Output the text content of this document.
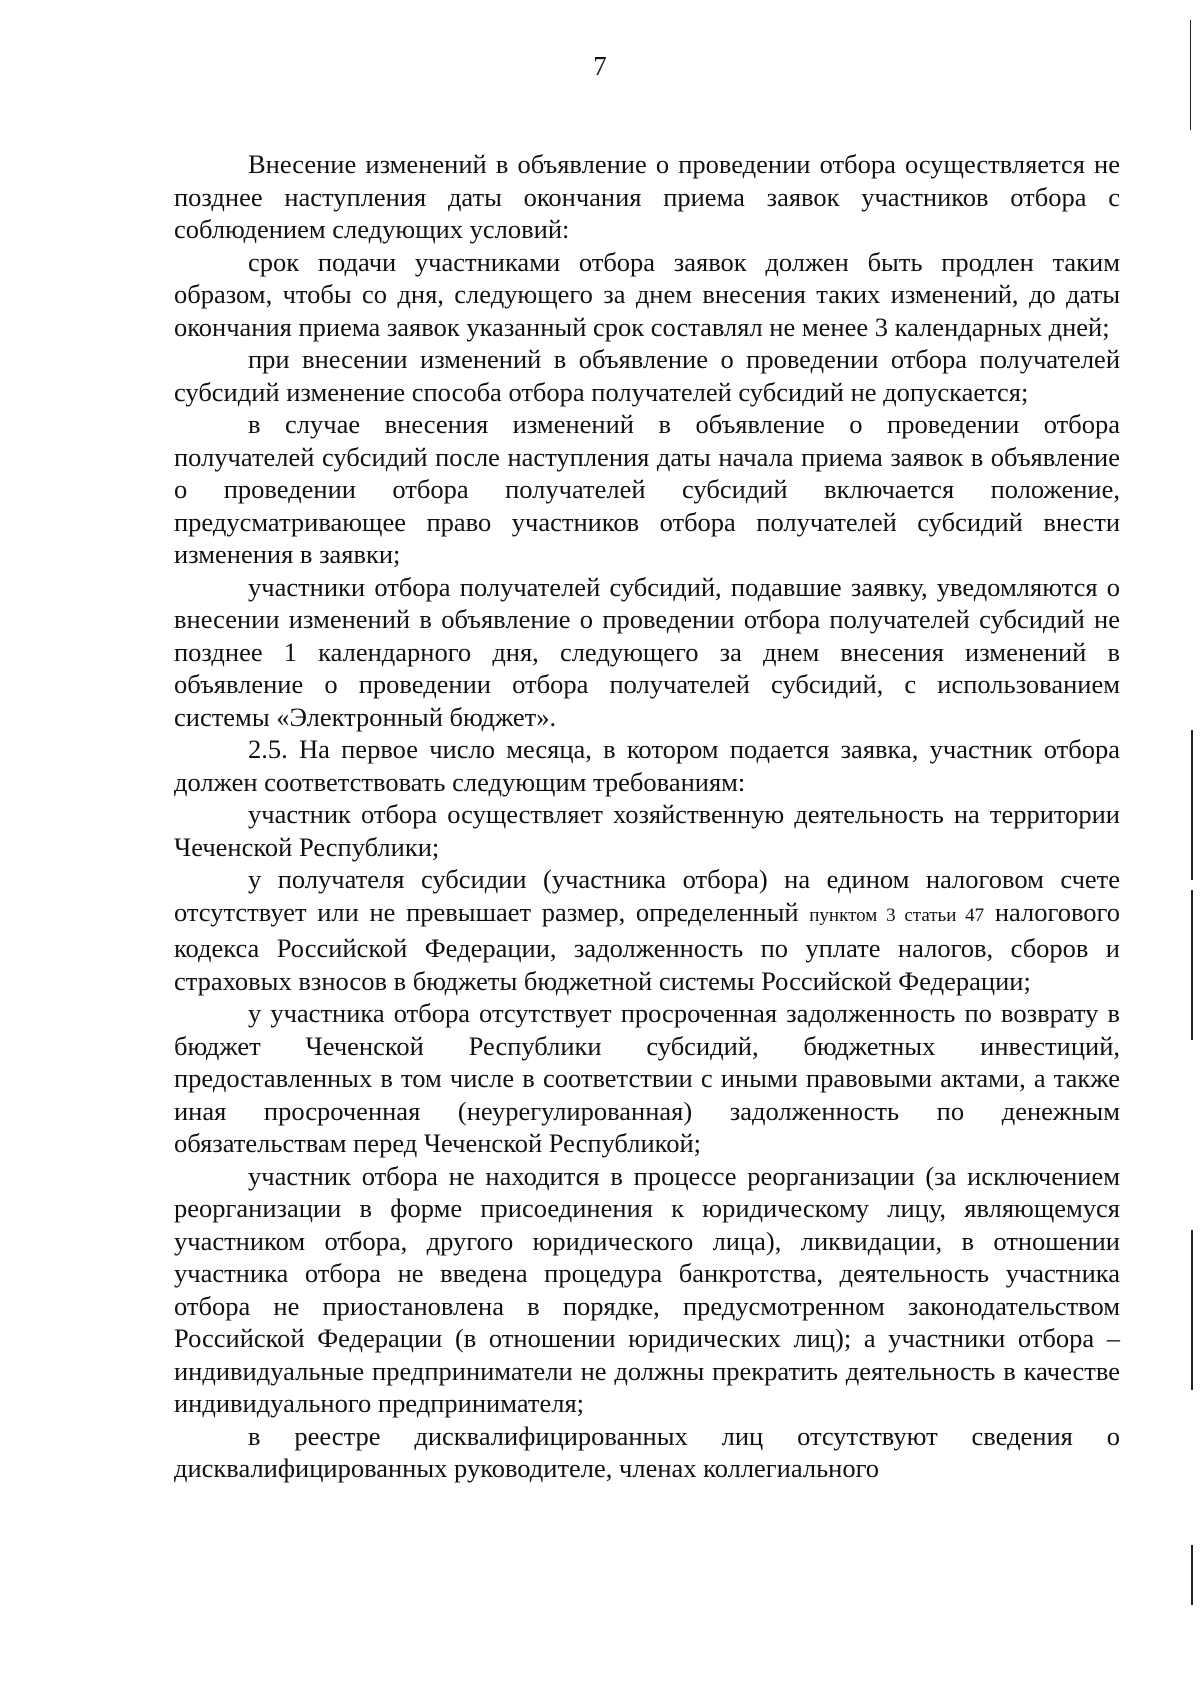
7

Внесение изменений в объявление о проведении отбора осуществляется не позднее наступления даты окончания приема заявок участников отбора с соблюдением следующих условий:

срок подачи участниками отбора заявок должен быть продлен таким образом, чтобы со дня, следующего за днем внесения таких изменений, до даты окончания приема заявок указанный срок составлял не менее 3 календарных дней;

при внесении изменений в объявление о проведении отбора получателей субсидий изменение способа отбора получателей субсидий не допускается;

в случае внесения изменений в объявление о проведении отбора получателей субсидий после наступления даты начала приема заявок в объявление о проведении отбора получателей субсидий включается положение, предусматривающее право участников отбора получателей субсидий внести изменения в заявки;

участники отбора получателей субсидий, подавшие заявку, уведомляются о внесении изменений в объявление о проведении отбора получателей субсидий не позднее 1 календарного дня, следующего за днем внесения изменений в объявление о проведении отбора получателей субсидий, с использованием системы «Электронный бюджет».

2.5. На первое число месяца, в котором подается заявка, участник отбора должен соответствовать следующим требованиям:

участник отбора осуществляет хозяйственную деятельность на территории Чеченской Республики;

у получателя субсидии (участника отбора) на едином налоговом счете отсутствует или не превышает размер, определенный пунктом 3 статьи 47 налогового кодекса Российской Федерации, задолженность по уплате налогов, сборов и страховых взносов в бюджеты бюджетной системы Российской Федерации;

у участника отбора отсутствует просроченная задолженность по возврату в бюджет Чеченской Республики субсидий, бюджетных инвестиций, предоставленных в том числе в соответствии с иными правовыми актами, а также иная просроченная (неурегулированная) задолженность по денежным обязательствам перед Чеченской Республикой;

участник отбора не находится в процессе реорганизации (за исключением реорганизации в форме присоединения к юридическому лицу, являющемуся участником отбора, другого юридического лица), ликвидации, в отношении участника отбора не введена процедура банкротства, деятельность участника отбора не приостановлена в порядке, предусмотренном законодательством Российской Федерации (в отношении юридических лиц); а участники отбора – индивидуальные предприниматели не должны прекратить деятельность в качестве индивидуального предпринимателя;

в реестре дисквалифицированных лиц отсутствуют сведения о дисквалифицированных руководителе, членах коллегиального
